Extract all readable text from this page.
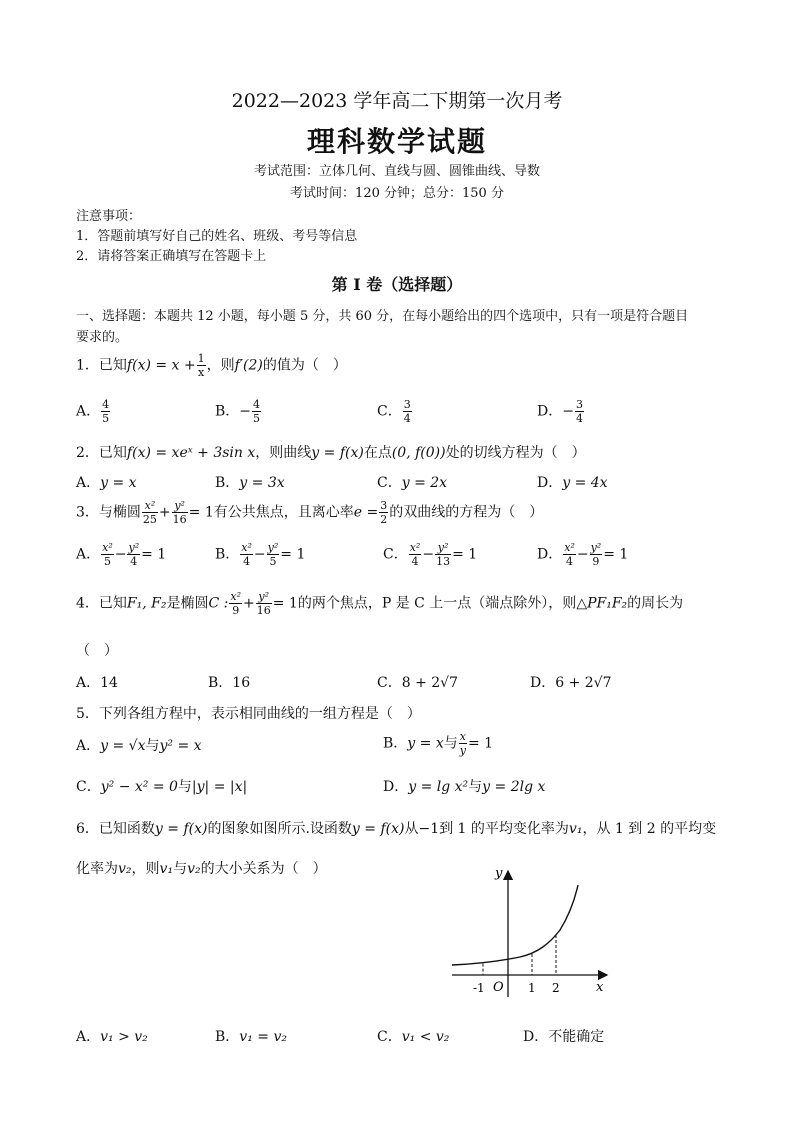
2022—2023 学年高二下期第一次月考
理科数学试题
考试范围：立体几何、直线与圆、圆锥曲线、导数
考试时间：120 分钟；总分：150 分
注意事项：
1．答题前填写好自己的姓名、班级、考号等信息
2．请将答案正确填写在答题卡上
第 I 卷（选择题）
一、选择题：本题共 12 小题，每小题 5 分，共 60 分，在每小题给出的四个选项中，只有一项是符合题目
要求的。
1．已知$f(x) = x + \frac{1}{x}$ ，则f′(2)的值为（　）
A． $\frac{4}{5}$	B．− $\frac{4}{5}$	C． $\frac{3}{4}$	D．− $\frac{3}{4}$
2．已知f(x) = xeˣ + 3sin x，则曲线y = f(x)在点(0, f(0))处的切线方程为（　）
A．y = x	B．y = 3x	C．y = 2x	D．y = 4x
3．与椭圆 $\frac{\text{x²}}{25} + \frac{\text{y²}}{16} = 1$有公共焦点，且离心率$e = \frac{3}{2}$ 的双曲线的方程为（　）
A． $\frac{\text{x²}}{5} - \frac{\text{y²}}{4} = 1$	B． $\frac{\text{x²}}{4} - \frac{\text{y²}}{5} = 1$	C． $\frac{\text{x²}}{4} - \frac{\text{y²}}{13} = 1$	D． $\frac{\text{x²}}{4} - \frac{\text{y²}}{9} = 1$
4．已知F₁, F₂是椭圆C : $\frac{\text{x²}}{9} + \frac{\text{y²}}{16} = 1$的两个焦点，P 是 C 上一点（端点除外），则△PF₁F₂的周长为
（　）
A．14	B．16	C．8 + 2√7	D．6 + 2√7
5．下列各组方程中，表示相同曲线的一组方程是（　）
A．y = √x与y² = x	B．y = x与 $\frac{x}{y} = 1$
C．y² − x² = 0与|y| = |x|	D．y = lg x²与y = 2lg x
6．已知函数y = f(x)的图象如图所示.设函数y = f(x)从−1到 1 的平均变化率为v₁，从 1 到 2 的平均变
化率为v₂，则v₁与v₂的大小关系为（　）	y
x
O
-1	1 2
A．v₁ > v₂	B．v₁ = v₂	C．v₁ < v₂	D．不能确定
